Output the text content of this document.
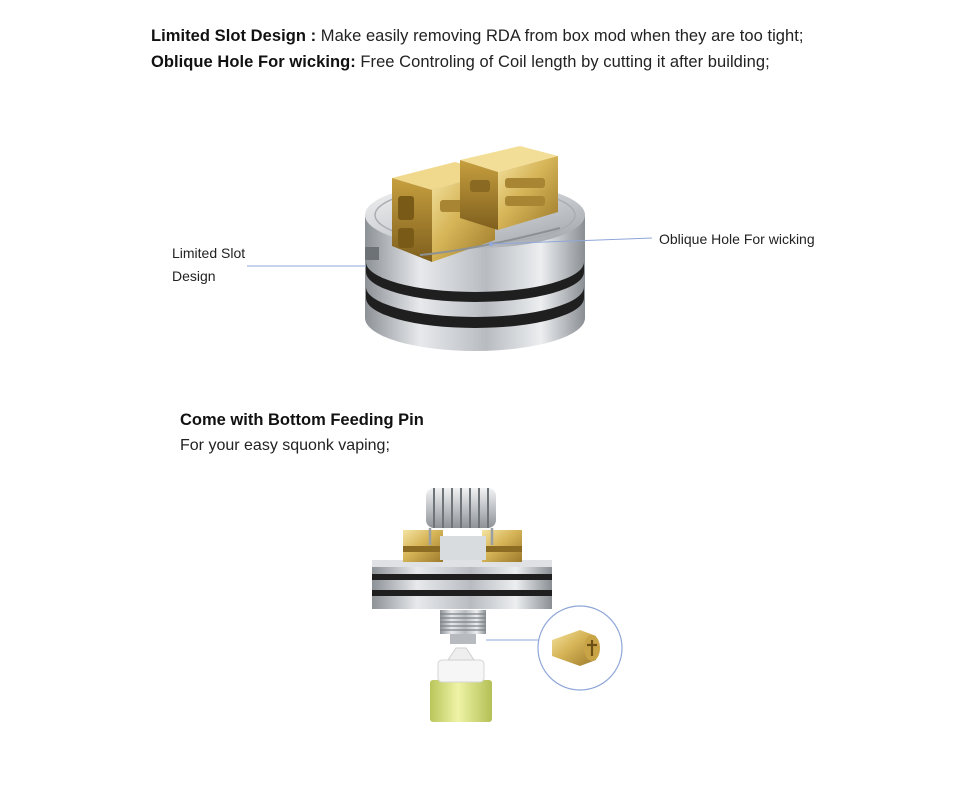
Limited Slot Design : Make easily removing RDA from box mod when they are too tight;
Oblique Hole For wicking: Free Controling of Coil length by cutting it after building;
Limited Slot
Design
Oblique Hole For wicking
Come with Bottom Feeding Pin
For your easy squonk vaping;
